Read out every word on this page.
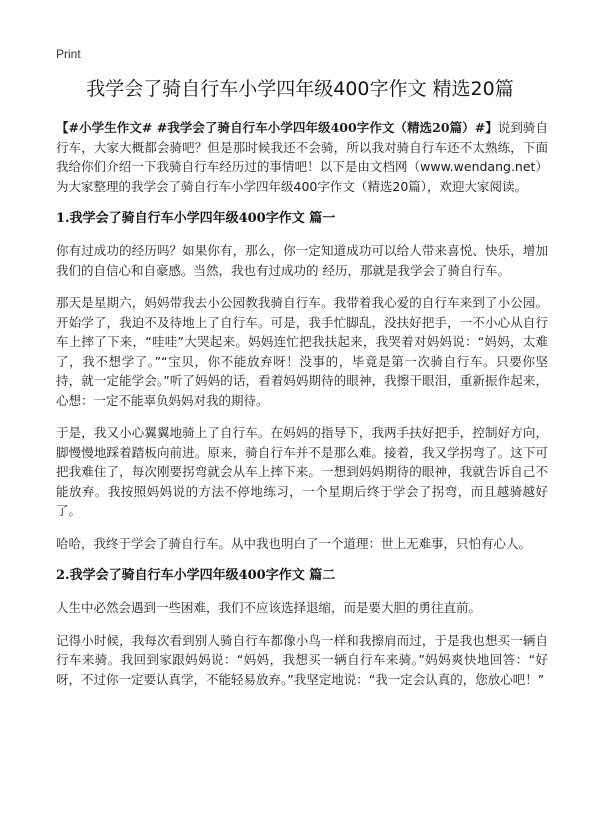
Print
我学会了骑自行车小学四年级400字作文 精选20篇

【#小学生作文# #我学会了骑自行车小学四年级400字作文（精选20篇）#】说到骑自行车，大家大概都会骑吧？但是那时候我还不会骑，所以我对骑自行车还不太熟练，下面我给你们介绍一下我骑自行车经历过的事情吧！以下是由文档网（www.wendang.net）为大家整理的我学会了骑自行车小学四年级400字作文（精选20篇），欢迎大家阅读。

1.我学会了骑自行车小学四年级400字作文 篇一

你有过成功的经历吗？如果你有，那么，你一定知道成功可以给人带来喜悦、快乐，增加我们的自信心和自豪感。当然，我也有过成功的 经历，那就是我学会了骑自行车。

那天是星期六，妈妈带我去小公园教我骑自行车。我带着我心爱的自行车来到了小公园。开始学了，我迫不及待地上了自行车。可是，我手忙脚乱，没扶好把手，一不小心从自行车上摔了下来，“哇哇”大哭起来。妈妈连忙把我扶起来，我哭着对妈妈说：“妈妈，太难了，我不想学了。”“宝贝，你不能放弃呀！没事的，毕竟是第一次骑自行车。只要你坚持，就一定能学会。”听了妈妈的话，看着妈妈期待的眼神，我擦干眼泪，重新振作起来，心想：一定不能辜负妈妈对我的期待。

于是，我又小心翼翼地骑上了自行车。在妈妈的指导下，我两手扶好把手，控制好方向，脚慢慢地踩着踏板向前进。原来，骑自行车并不是那么难。接着，我又学拐弯了。这下可把我难住了，每次刚要拐弯就会从车上摔下来。一想到妈妈期待的眼神，我就告诉自己不能放弃。我按照妈妈说的方法不停地练习，一个星期后终于学会了拐弯，而且越骑越好了。

哈哈，我终于学会了骑自行车。从中我也明白了一个道理：世上无难事，只怕有心人。

2.我学会了骑自行车小学四年级400字作文 篇二

人生中必然会遇到一些困难，我们不应该选择退缩，而是要大胆的勇往直前。

记得小时候，我每次看到别人骑自行车都像小鸟一样和我擦肩而过，于是我也想买一辆自行车来骑。我回到家跟妈妈说：“妈妈，我想买一辆自行车来骑。”妈妈爽快地回答：“好呀，不过你一定要认真学，不能轻易放弃。”我坚定地说：“我一定会认真的，您放心吧！”
